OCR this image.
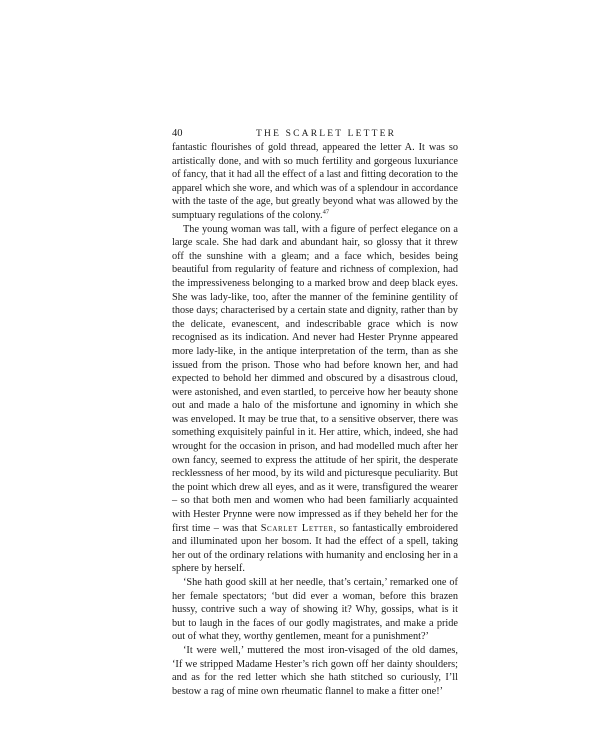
40	THE SCARLET LETTER

fantastic flourishes of gold thread, appeared the letter A. It was so artistically done, and with so much fertility and gorgeous luxuriance of fancy, that it had all the effect of a last and fitting decoration to the apparel which she wore, and which was of a splendour in accordance with the taste of the age, but greatly beyond what was allowed by the sumptuary regulations of the colony.$^{47}$

The young woman was tall, with a figure of perfect elegance on a large scale. She had dark and abundant hair, so glossy that it threw off the sunshine with a gleam; and a face which, besides being beautiful from regularity of feature and richness of complexion, had the impressiveness belonging to a marked brow and deep black eyes. She was lady-like, too, after the manner of the feminine gentility of those days; characterised by a certain state and dignity, rather than by the delicate, evanescent, and indescribable grace which is now recognised as its indication. And never had Hester Prynne appeared more lady-like, in the antique interpretation of the term, than as she issued from the prison. Those who had before known her, and had expected to behold her dimmed and obscured by a disastrous cloud, were astonished, and even startled, to perceive how her beauty shone out and made a halo of the misfortune and ignominy in which she was enveloped. It may be true that, to a sensitive observer, there was something exquisitely painful in it. Her attire, which, indeed, she had wrought for the occasion in prison, and had modelled much after her own fancy, seemed to express the attitude of her spirit, the desperate recklessness of her mood, by its wild and picturesque peculiarity. But the point which drew all eyes, and as it were, transfigured the wearer – so that both men and women who had been familiarly acquainted with Hester Prynne were now impressed as if they beheld her for the first time – was that Scarlet Letter, so fantastically embroidered and illuminated upon her bosom. It had the effect of a spell, taking her out of the ordinary relations with humanity and enclosing her in a sphere by herself.

‘She hath good skill at her needle, that’s certain,’ remarked one of her female spectators; ‘but did ever a woman, before this brazen hussy, contrive such a way of showing it? Why, gossips, what is it but to laugh in the faces of our godly magistrates, and make a pride out of what they, worthy gentlemen, meant for a punishment?’

‘It were well,’ muttered the most iron-visaged of the old dames, ‘If we stripped Madame Hester’s rich gown off her dainty shoulders; and as for the red letter which she hath stitched so curiously, I’ll bestow a rag of mine own rheumatic flannel to make a fitter one!’
